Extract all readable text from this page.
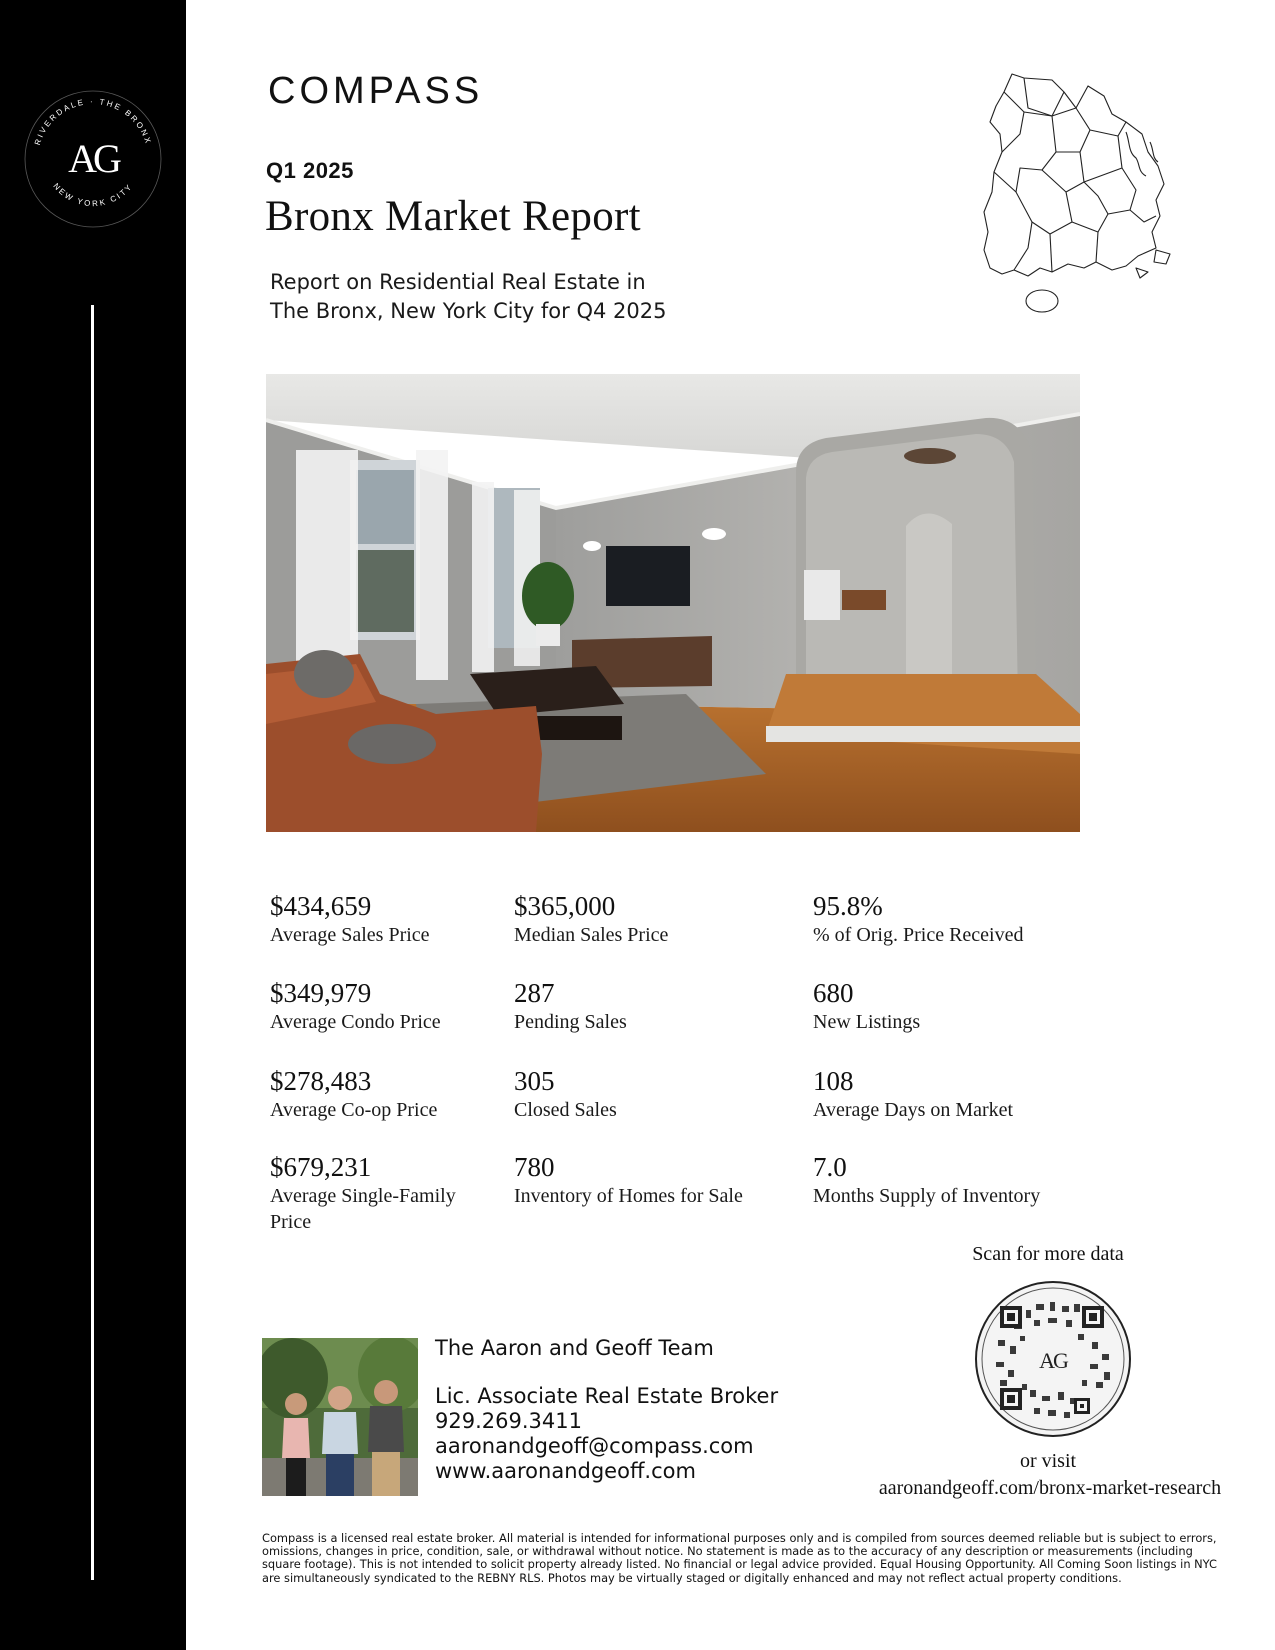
RIVERDALE · THE BRONX
NEW YORK CITY
AG
COMPASS
Q1 2025
Bronx Market Report
Report on Residential Real Estate in
The Bronx, New York City for Q4 2025
$434,659
Average Sales Price
$365,000
Median Sales Price
95.8%
% of Orig. Price Received
$349,979
Average Condo Price
287
Pending Sales
680
New Listings
$278,483
Average Co-op Price
305
Closed Sales
108
Average Days on Market
$679,231
Average Single-Family Price
780
Inventory of Homes for Sale
7.0
Months Supply of Inventory
Scan for more data
AG
or visit
aaronandgeoff.com/bronx-market-research
The Aaron and Geoff Team
Lic. Associate Real Estate Broker
929.269.3411
aaronandgeoff@compass.com
www.aaronandgeoff.com
Compass is a licensed real estate broker. All material is intended for informational purposes only and is compiled from sources deemed reliable but is subject to errors, omissions, changes in price, condition, sale, or withdrawal without notice. No statement is made as to the accuracy of any description or measurements (including square footage). This is not intended to solicit property already listed. No financial or legal advice provided. Equal Housing Opportunity. All Coming Soon listings in NYC are simultaneously syndicated to the REBNY RLS. Photos may be virtually staged or digitally enhanced and may not reflect actual property conditions.
